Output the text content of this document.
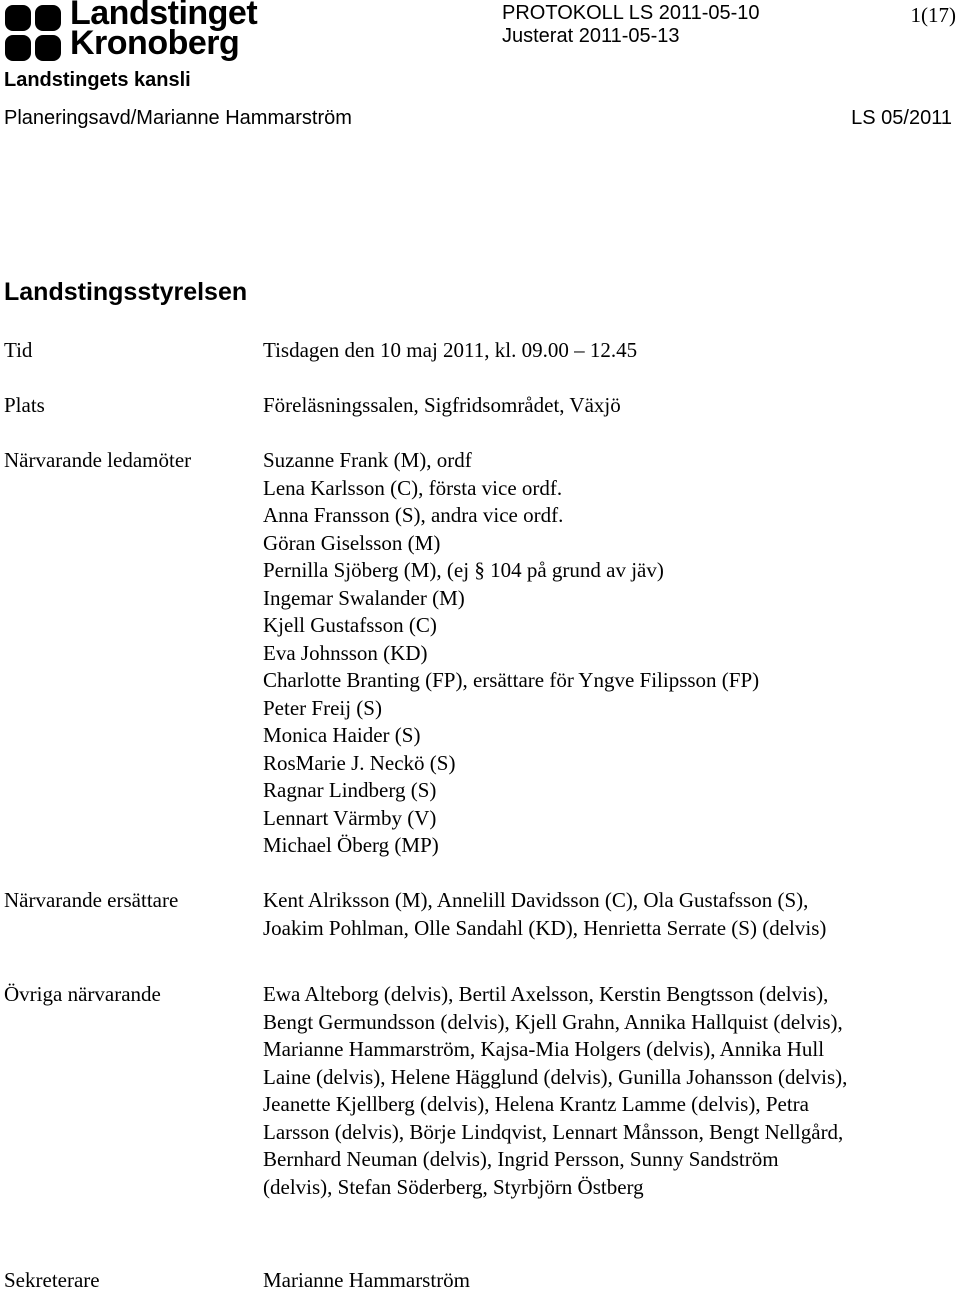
Landstinget
Kronoberg
Landstingets kansli
Planeringsavd/Marianne Hammarström
PROTOKOLL LS 2011-05-10
Justerat 2011-05-13
1(17)
LS 05/2011
Landstingsstyrelsen
Tid	Tisdagen den 10 maj 2011, kl. 09.00 – 12.45
Plats	Föreläsningssalen, Sigfridsområdet, Växjö
Närvarande ledamöter	Suzanne Frank (M), ordf
Lena Karlsson (C), första vice ordf.
Anna Fransson (S), andra vice ordf.
Göran Giselsson (M)
Pernilla Sjöberg (M), (ej § 104 på grund av jäv)
Ingemar Swalander (M)
Kjell Gustafsson (C)
Eva Johnsson (KD)
Charlotte Branting (FP), ersättare för Yngve Filipsson (FP)
Peter Freij (S)
Monica Haider (S)
RosMarie J. Neckö (S)
Ragnar Lindberg (S)
Lennart Värmby (V)
Michael Öberg (MP)
Närvarande ersättare	Kent Alriksson (M), Annelill Davidsson (C), Ola Gustafsson (S), Joakim Pohlman, Olle Sandahl (KD), Henrietta Serrate (S) (delvis)
Övriga närvarande	Ewa Alteborg (delvis), Bertil Axelsson, Kerstin Bengtsson (delvis), Bengt Germundsson (delvis), Kjell Grahn, Annika Hallquist (delvis), Marianne Hammarström, Kajsa-Mia Holgers (delvis), Annika Hull Laine (delvis), Helene Hägglund (delvis), Gunilla Johansson (delvis), Jeanette Kjellberg (delvis), Helena Krantz Lamme (delvis), Petra Larsson (delvis), Börje Lindqvist, Lennart Månsson, Bengt Nellgård, Bernhard Neuman (delvis), Ingrid Persson, Sunny Sandström (delvis), Stefan Söderberg, Styrbjörn Östberg
Sekreterare	Marianne Hammarström
